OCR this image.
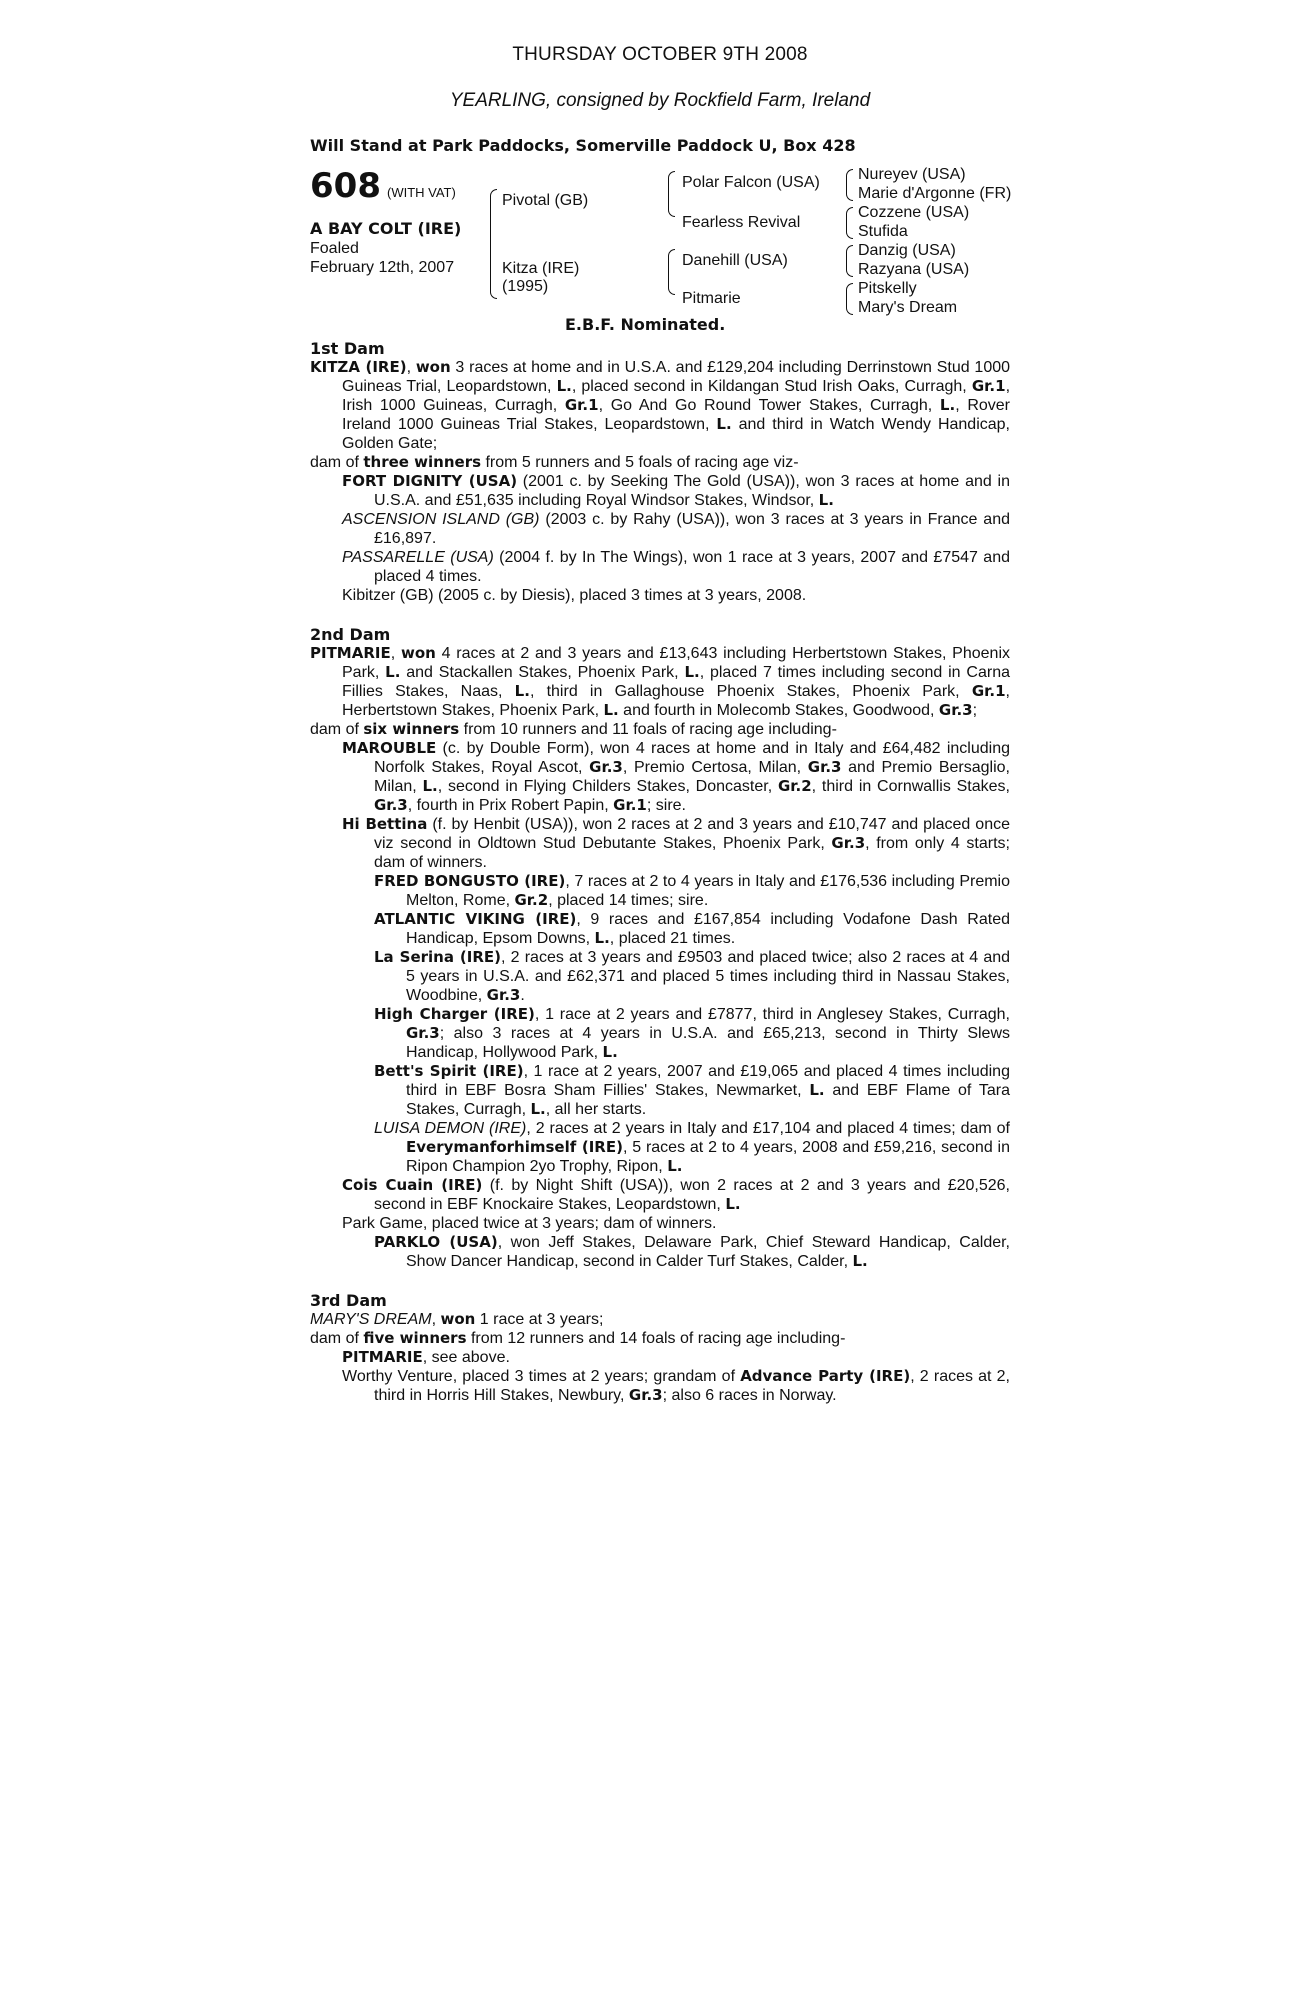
THURSDAY OCTOBER 9TH 2008
YEARLING, consigned by Rockfield Farm, Ireland
Will Stand at Park Paddocks, Somerville Paddock U, Box 428
608 (WITH VAT)
A BAY COLT (IRE)
Foaled
February 12th, 2007
Pivotal (GB)
Kitza (IRE)
(1995)
Polar Falcon (USA)
Fearless Revival
Danehill (USA)
Pitmarie
Nureyev (USA)
Marie d'Argonne (FR)
Cozzene (USA)
Stufida
Danzig (USA)
Razyana (USA)
Pitskelly
Mary's Dream
E.B.F. Nominated.
1st Dam

KITZA (IRE), won 3 races at home and in U.S.A. and £129,204 including Derrinstown Stud 1000 Guineas Trial, Leopardstown, L., placed second in Kildangan Stud Irish Oaks, Curragh, Gr.1, Irish 1000 Guineas, Curragh, Gr.1, Go And Go Round Tower Stakes, Curragh, L., Rover Ireland 1000 Guineas Trial Stakes, Leopardstown, L. and third in Watch Wendy Handicap, Golden Gate;

dam of three winners from 5 runners and 5 foals of racing age viz-

FORT DIGNITY (USA) (2001 c. by Seeking The Gold (USA)), won 3 races at home and in U.S.A. and £51,635 including Royal Windsor Stakes, Windsor, L.

ASCENSION ISLAND (GB) (2003 c. by Rahy (USA)), won 3 races at 3 years in France and £16,897.

PASSARELLE (USA) (2004 f. by In The Wings), won 1 race at 3 years, 2007 and £7547 and placed 4 times.

Kibitzer (GB) (2005 c. by Diesis), placed 3 times at 3 years, 2008.

2nd Dam

PITMARIE, won 4 races at 2 and 3 years and £13,643 including Herbertstown Stakes, Phoenix Park, L. and Stackallen Stakes, Phoenix Park, L., placed 7 times including second in Carna Fillies Stakes, Naas, L., third in Gallaghouse Phoenix Stakes, Phoenix Park, Gr.1, Herbertstown Stakes, Phoenix Park, L. and fourth in Molecomb Stakes, Goodwood, Gr.3;

dam of six winners from 10 runners and 11 foals of racing age including-

MAROUBLE (c. by Double Form), won 4 races at home and in Italy and £64,482 including Norfolk Stakes, Royal Ascot, Gr.3, Premio Certosa, Milan, Gr.3 and Premio Bersaglio, Milan, L., second in Flying Childers Stakes, Doncaster, Gr.2, third in Cornwallis Stakes, Gr.3, fourth in Prix Robert Papin, Gr.1; sire.

Hi Bettina (f. by Henbit (USA)), won 2 races at 2 and 3 years and £10,747 and placed once viz second in Oldtown Stud Debutante Stakes, Phoenix Park, Gr.3, from only 4 starts; dam of winners.

FRED BONGUSTO (IRE), 7 races at 2 to 4 years in Italy and £176,536 including Premio Melton, Rome, Gr.2, placed 14 times; sire.

ATLANTIC VIKING (IRE), 9 races and £167,854 including Vodafone Dash Rated Handicap, Epsom Downs, L., placed 21 times.

La Serina (IRE), 2 races at 3 years and £9503 and placed twice; also 2 races at 4 and 5 years in U.S.A. and £62,371 and placed 5 times including third in Nassau Stakes, Woodbine, Gr.3.

High Charger (IRE), 1 race at 2 years and £7877, third in Anglesey Stakes, Curragh, Gr.3; also 3 races at 4 years in U.S.A. and £65,213, second in Thirty Slews Handicap, Hollywood Park, L.

Bett's Spirit (IRE), 1 race at 2 years, 2007 and £19,065 and placed 4 times including third in EBF Bosra Sham Fillies' Stakes, Newmarket, L. and EBF Flame of Tara Stakes, Curragh, L., all her starts.

LUISA DEMON (IRE), 2 races at 2 years in Italy and £17,104 and placed 4 times; dam of Everymanforhimself (IRE), 5 races at 2 to 4 years, 2008 and £59,216, second in Ripon Champion 2yo Trophy, Ripon, L.

Cois Cuain (IRE) (f. by Night Shift (USA)), won 2 races at 2 and 3 years and £20,526, second in EBF Knockaire Stakes, Leopardstown, L.

Park Game, placed twice at 3 years; dam of winners.

PARKLO (USA), won Jeff Stakes, Delaware Park, Chief Steward Handicap, Calder, Show Dancer Handicap, second in Calder Turf Stakes, Calder, L.

3rd Dam

MARY'S DREAM, won 1 race at 3 years;

dam of five winners from 12 runners and 14 foals of racing age including-

PITMARIE, see above.

Worthy Venture, placed 3 times at 2 years; grandam of Advance Party (IRE), 2 races at 2, third in Horris Hill Stakes, Newbury, Gr.3; also 6 races in Norway.
